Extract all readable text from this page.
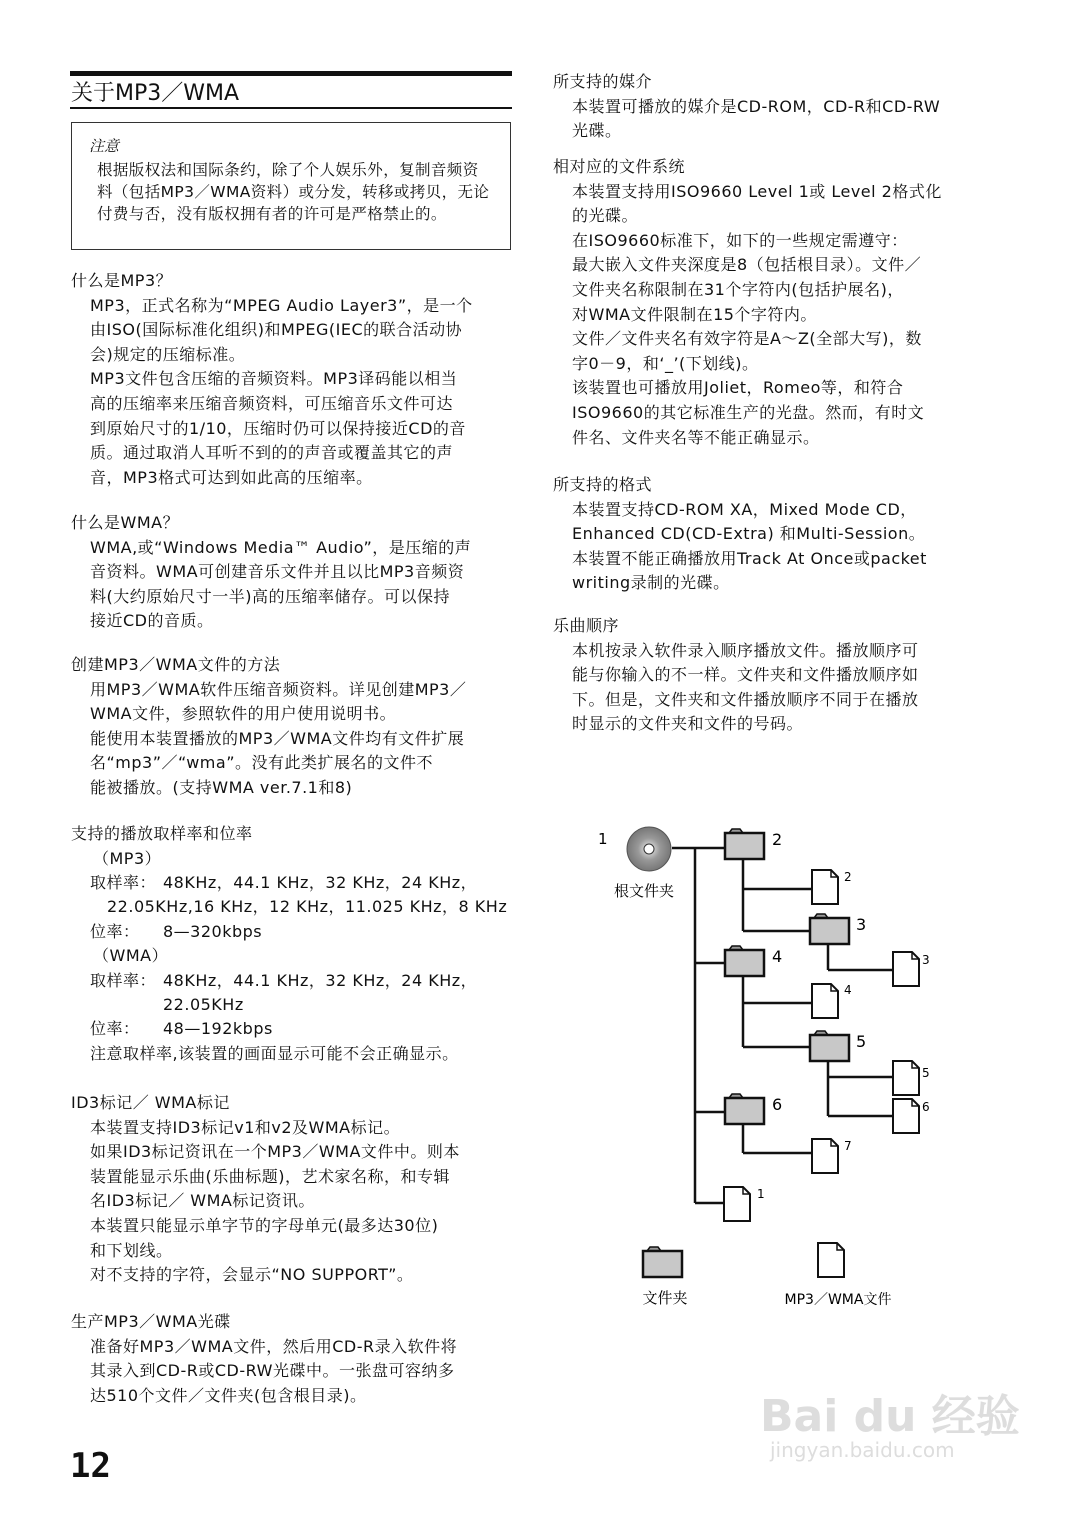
关于MP3／WMA
注意
根据版权法和国际条约，除了个人娱乐外，复制音频资
料（包括MP3／WMA资料）或分发，转移或拷贝，无论
付费与否，没有版权拥有者的许可是严格禁止的。
什么是MP3？
MP3，正式名称为“MPEG Audio Layer3”，是一个
由ISO(国际标准化组织)和MPEG(IEC的联合活动协
会)规定的压缩标准。
MP3文件包含压缩的音频资料。MP3译码能以相当
高的压缩率来压缩音频资料，可压缩音乐文件可达
到原始尺寸的1/10，压缩时仍可以保持接近CD的音
质。通过取消人耳听不到的的声音或覆盖其它的声
音，MP3格式可达到如此高的压缩率。
什么是WMA？
WMA,或“Windows Media™ Audio”，是压缩的声
音资料。WMA可创建音乐文件并且以比MP3音频资
料(大约原始尺寸一半)高的压缩率储存。可以保持
接近CD的音质。
创建MP3／WMA文件的方法
用MP3／WMA软件压缩音频资料。详见创建MP3／
WMA文件，参照软件的用户使用说明书。
能使用本装置播放的MP3／WMA文件均有文件扩展
名“mp3”／“wma”。没有此类扩展名的文件不
能被播放。(支持WMA ver.7.1和8)
支持的播放取样率和位率
（MP3）
取样率： 48KHz，44.1 KHz，32 KHz，24 KHz，
22.05KHz,16 KHz，12 KHz，11.025 KHz，8 KHz
位率： 8—320kbps
（WMA）
取样率： 48KHz，44.1 KHz，32 KHz，24 KHz，
22.05KHz
位率： 48—192kbps
注意取样率,该装置的画面显示可能不会正确显示。
ID3标记／ WMA标记
本装置支持ID3标记v1和v2及WMA标记。
如果ID3标记资讯在一个MP3／WMA文件中。则本
装置能显示乐曲(乐曲标题)，艺术家名称，和专辑
名ID3标记／ WMA标记资讯。
本装置只能显示单字节的字母单元(最多达30位)
和下划线。
对不支持的字符，会显示“NO SUPPORT”。
生产MP3／WMA光碟
准备好MP3／WMA文件，然后用CD-R录入软件将
其录入到CD-R或CD-RW光碟中。一张盘可容纳多
达510个文件／文件夹(包含根目录)。
所支持的媒介
本装置可播放的媒介是CD-ROM，CD-R和CD-RW
光碟。
相对应的文件系统
本装置支持用ISO9660 Level 1或 Level 2格式化
的光碟。
在ISO9660标准下，如下的一些规定需遵守：
最大嵌入文件夹深度是8（包括根目录）。文件／
文件夹名称限制在31个字符内(包括护展名)，
对WMA文件限制在15个字符内。
文件／文件夹名有效字符是A～Z(全部大写)，数
字0－9，和‘_’(下划线)。
该装置也可播放用Joliet，Romeo等，和符合
ISO9660的其它标准生产的光盘。然而，有时文
件名、文件夹名等不能正确显示。
所支持的格式
本装置支持CD-ROM XA，Mixed Mode CD，
Enhanced CD(CD-Extra) 和Multi-Session。
本装置不能正确播放用Track At Once或packet
writing录制的光碟。
乐曲顺序
本机按录入软件录入顺序播放文件。播放顺序可
能与你输入的不一样。文件夹和文件播放顺序如
下。但是，文件夹和文件播放顺序不同于在播放
时显示的文件夹和文件的号码。
1
根文件夹
2
3
4
5
6
2
3
4
5
6
7
1
文件夹	MP3／WMA文件
12
Bai du 经验
jingyan.baidu.com
